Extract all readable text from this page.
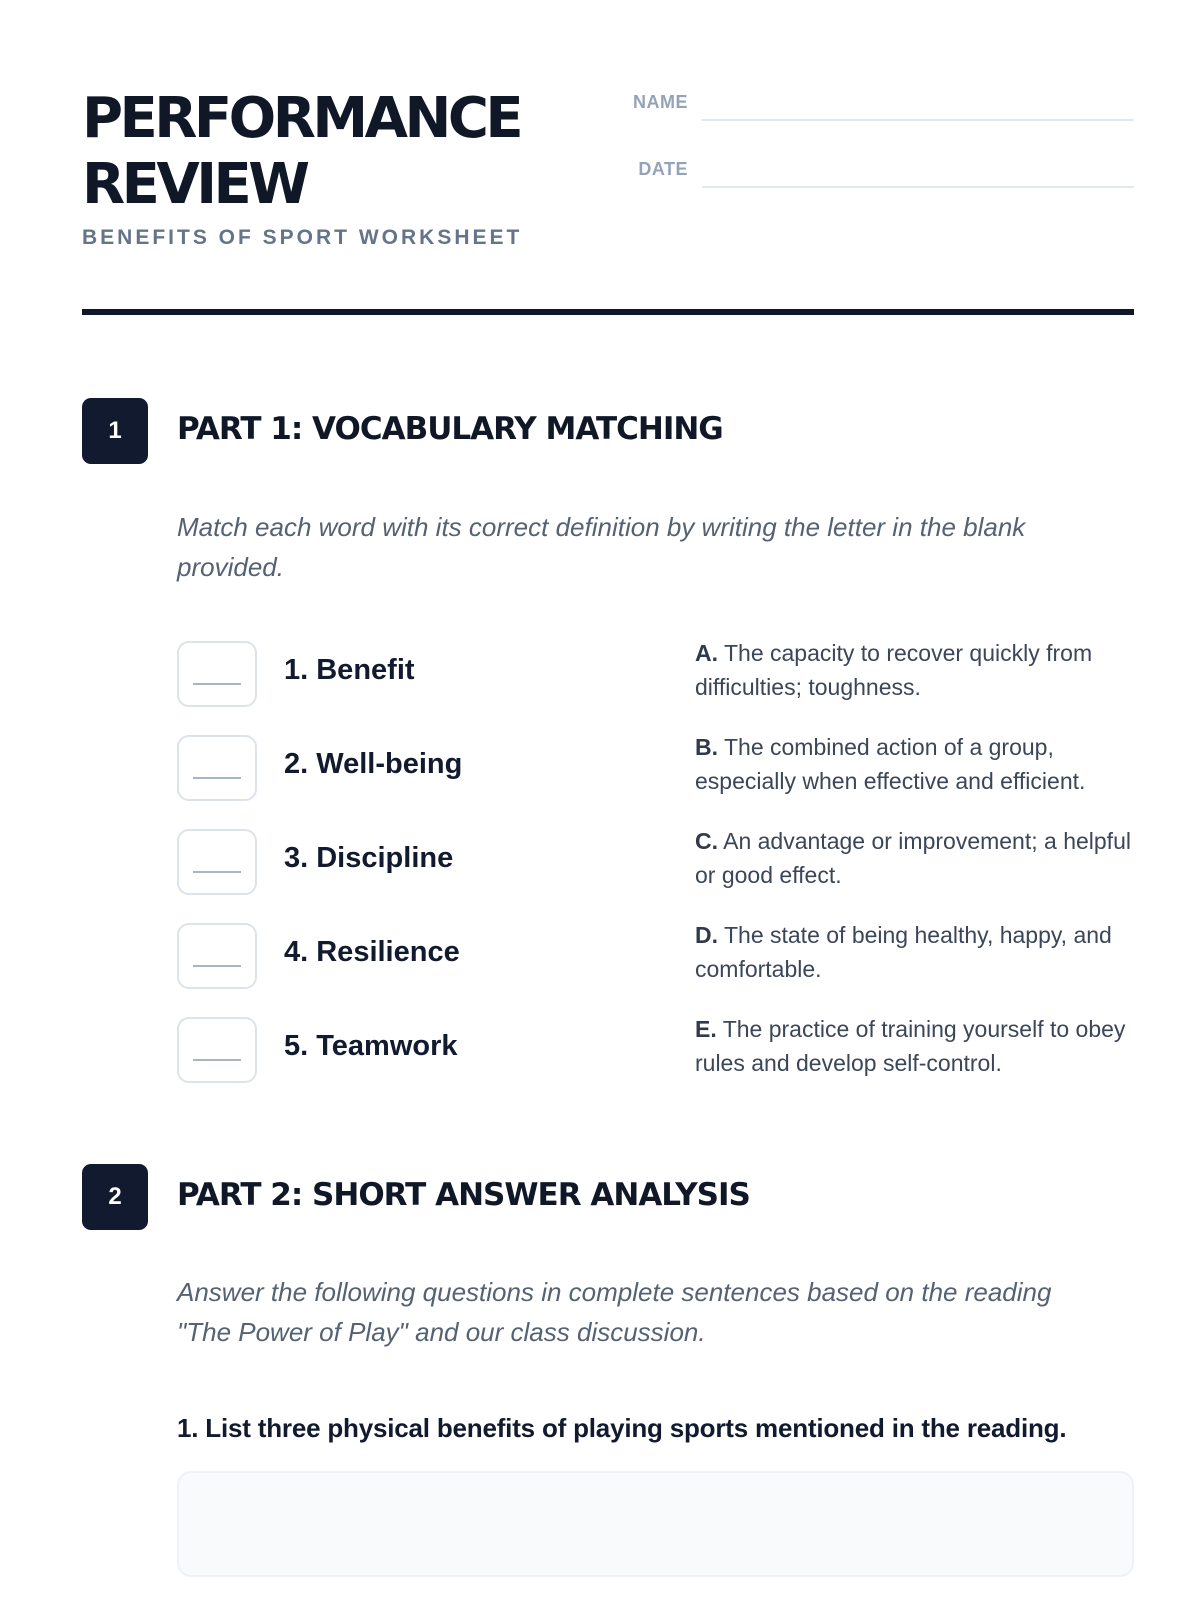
PERFORMANCE
REVIEW
BENEFITS OF SPORT WORKSHEET
NAME
DATE
1	PART 1: VOCABULARY MATCHING
Match each word with its correct definition by writing the letter in the blank provided.
1. Benefit
A. The capacity to recover quickly from difficulties; toughness.
2. Well-being
B. The combined action of a group, especially when effective and efficient.
3. Discipline
C. An advantage or improvement; a helpful or good effect.
4. Resilience
D. The state of being healthy, happy, and comfortable.
5. Teamwork
E. The practice of training yourself to obey rules and develop self-control.
2	PART 2: SHORT ANSWER ANALYSIS
Answer the following questions in complete sentences based on the reading "The Power of Play" and our class discussion.
1. List three physical benefits of playing sports mentioned in the reading.
